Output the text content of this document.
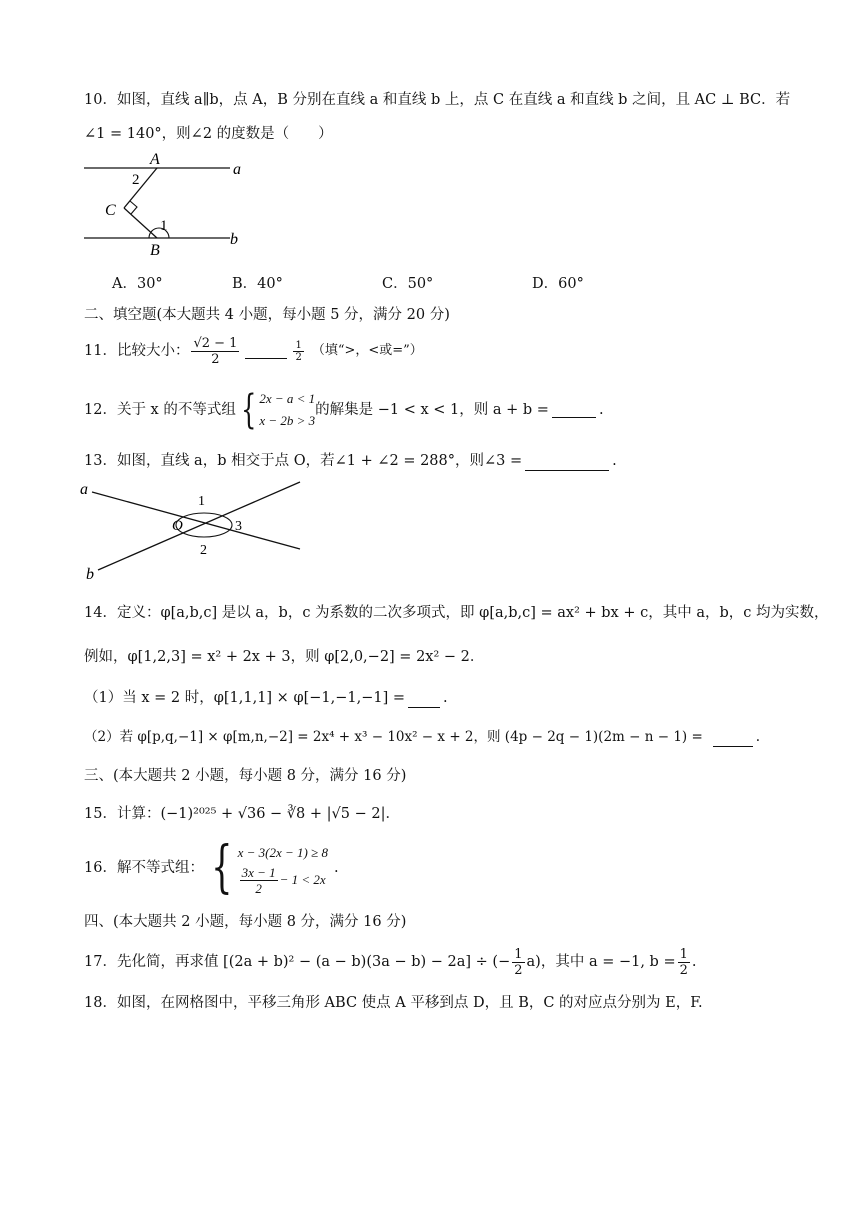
10．如图，直线 a∥b，点 A，B 分别在直线 a 和直线 b 上，点 C 在直线 a 和直线 b 之间，且 AC ⊥ BC．若
∠1 = 140°，则∠2 的度数是（　　）
A
a
2
C
1
B
b
A．30°	B．40°	C．50°	D．60°
二、填空题(本大题共 4 小题，每小题 5 分，满分 20 分)
11．比较大小： $\frac{√2 - 1}{2}$	$\frac{1}{2}$ （填“>，<或=”）
12．关于 x 的不等式组 { 2x − a < 1
x − 2b > 3
的解集是 −1 < x < 1，则 a + b =	.
13．如图，直线 a，b 相交于点 O，若∠1 + ∠2 = 288°，则∠3 =	.
a
b
O
1
2
3
14．定义：φ[a,b,c] 是以 a，b，c 为系数的二次多项式，即 φ[a,b,c] = ax² + bx + c，其中 a，b，c 均为实数，
例如，φ[1,2,3] = x² + 2x + 3，则 φ[2,0,−2] = 2x² − 2．
（1）当 x = 2 时，φ[1,1,1] × φ[−1,−1,−1] =	.
（2）若 φ[p,q,−1] × φ[m,n,−2] = 2x⁴ + x³ − 10x² − x + 2，则 (4p − 2q − 1)(2m − n − 1) =	.
三、(本大题共 2 小题，每小题 8 分，满分 16 分)
15．计算：(−1)²⁰²⁵ + √36 − ∛8 + |√5 − 2|．
16．解不等式组： { x − 3(2x − 1) ≥ 8
$\frac{3x - 1}{2} - 1 < 2x$
.
四、(本大题共 2 小题，每小题 8 分，满分 16 分)
17．先化简，再求值 [(2a + b)² − (a − b)(3a − b) − 2a] ÷ (− $\frac{1}{2} a$)，其中 a = −1, $b = \frac{1}{2}$ .
18．如图，在网格图中，平移三角形 ABC 使点 A 平移到点 D，且 B，C 的对应点分别为 E，F.
